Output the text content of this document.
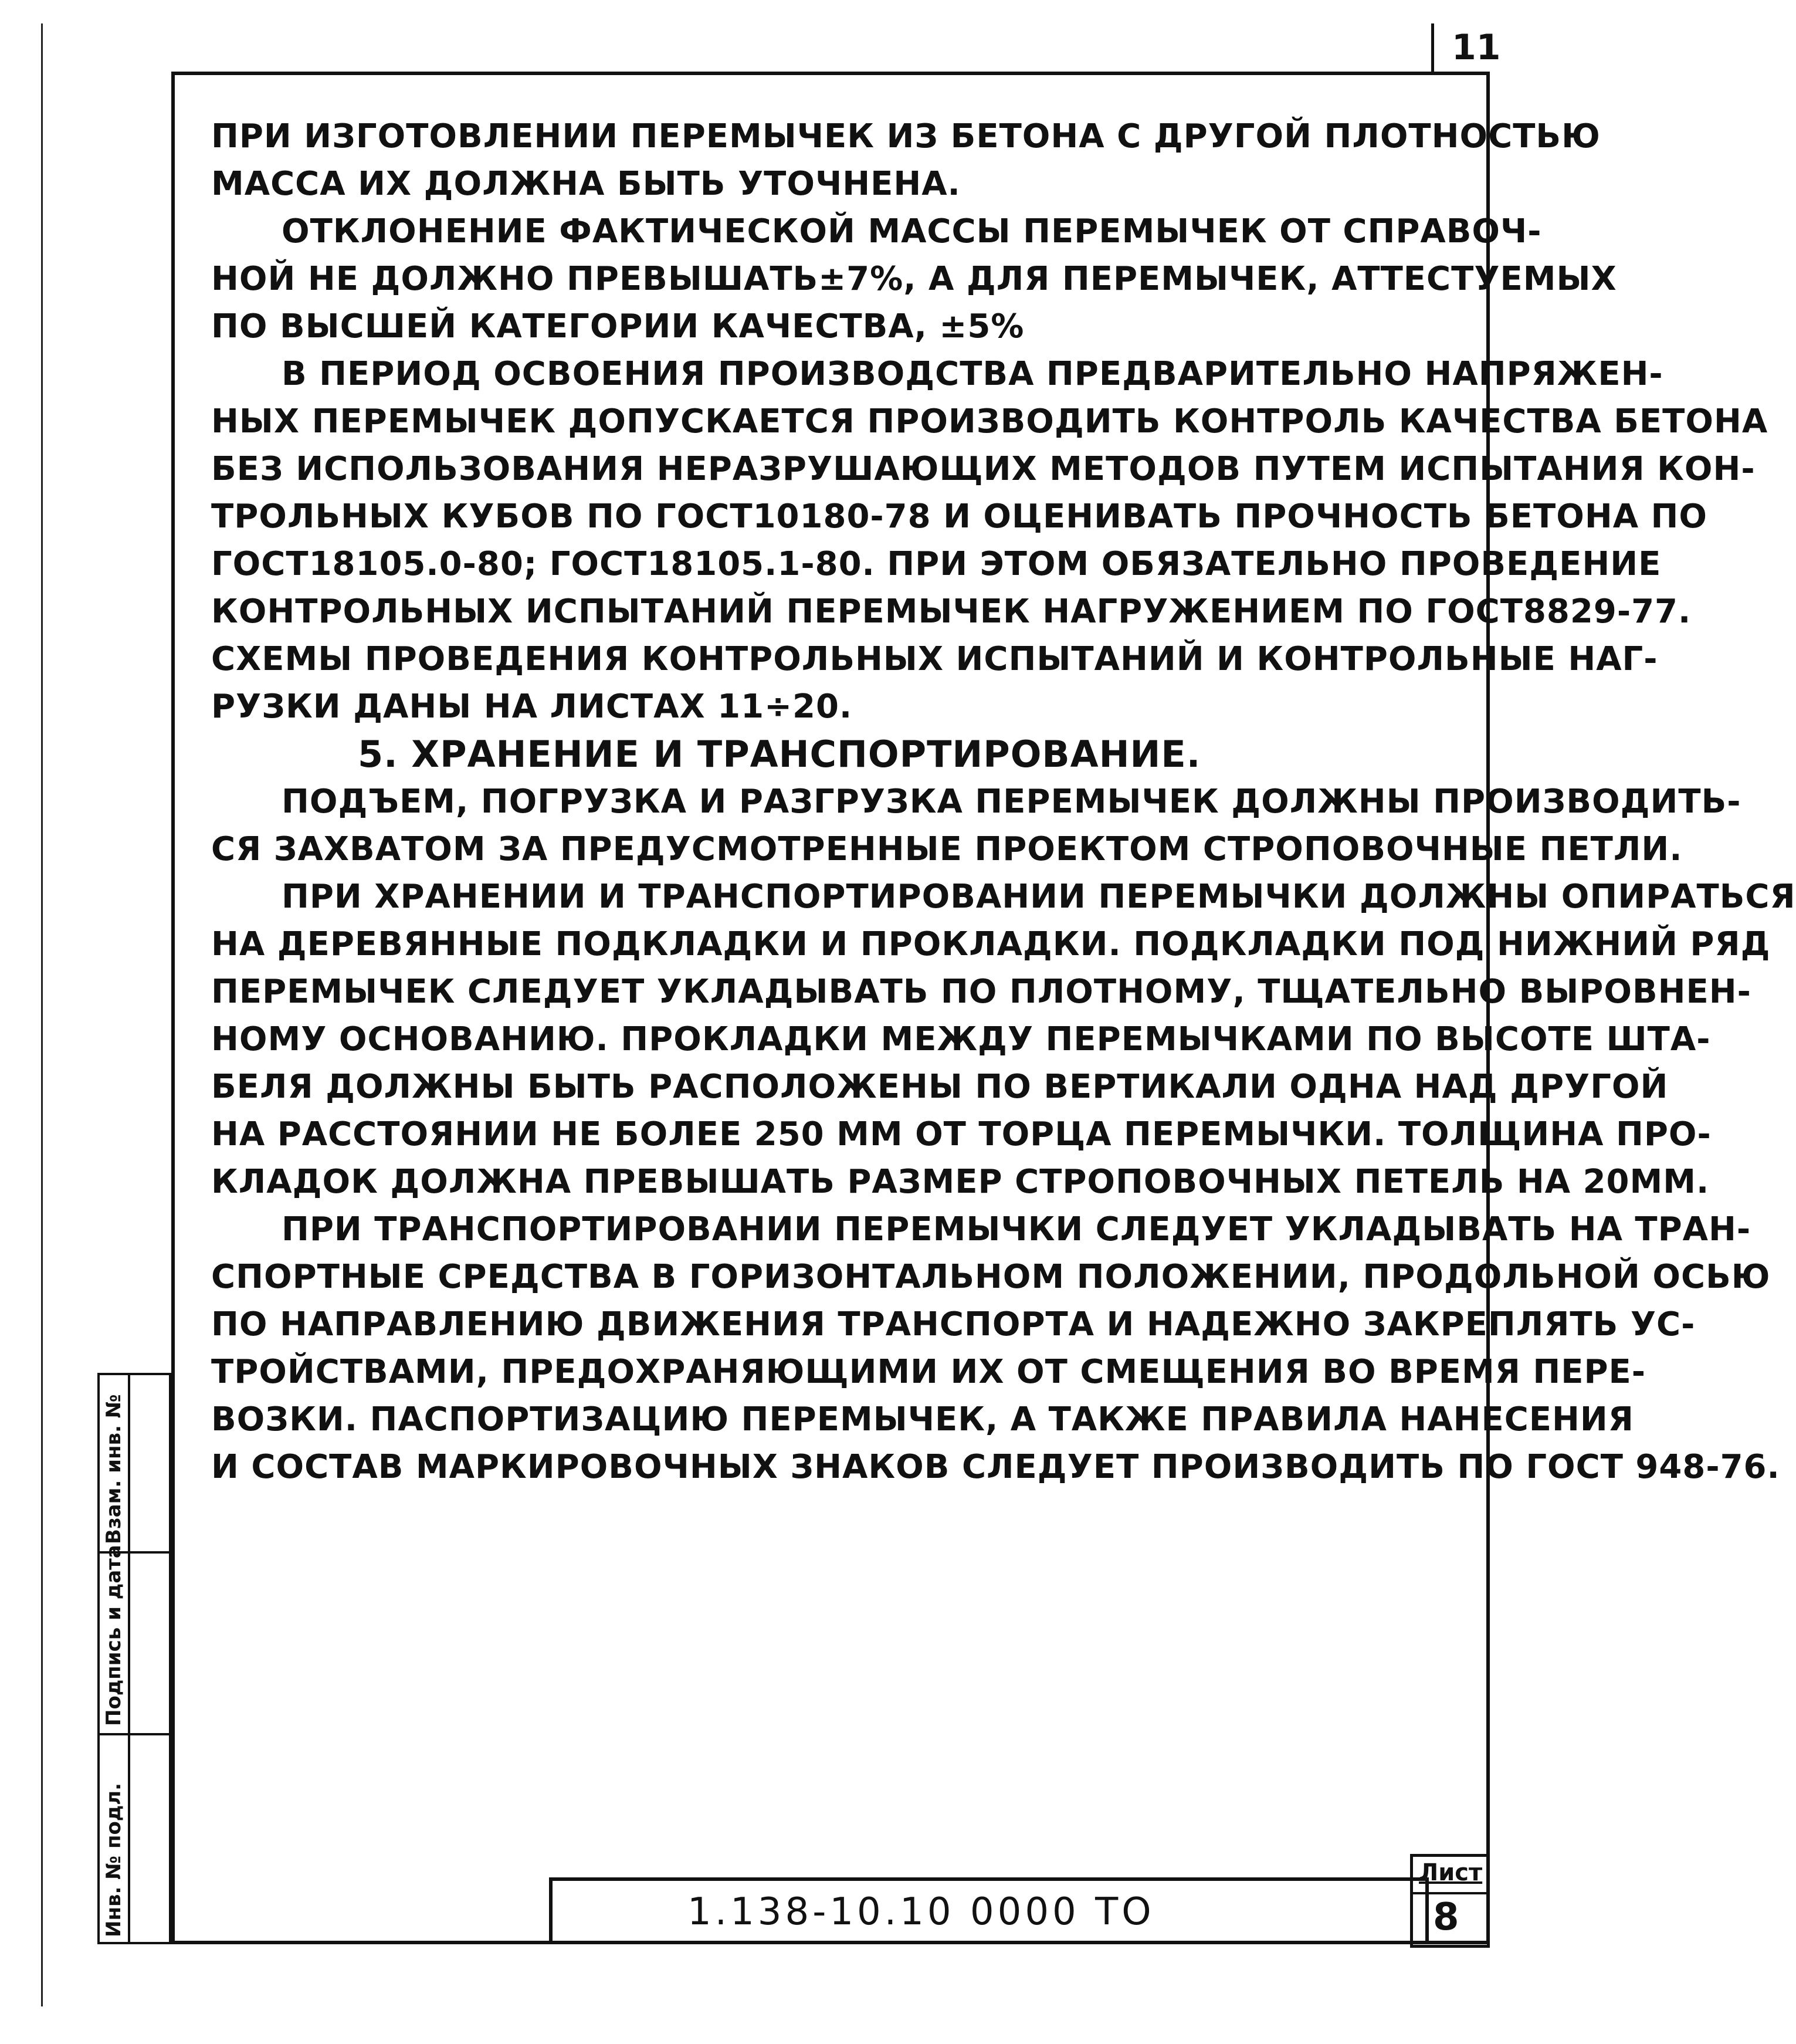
11
ПРИ ИЗГОТОВЛЕНИИ ПЕРЕМЫЧЕК ИЗ БЕТОНА С ДРУГОЙ ПЛОТНОСТЬЮ
МАССА ИХ ДОЛЖНА БЫТЬ УТОЧНЕНА.
ОТКЛОНЕНИЕ ФАКТИЧЕСКОЙ МАССЫ ПЕРЕМЫЧЕК ОТ СПРАВОЧ-
НОЙ НЕ ДОЛЖНО ПРЕВЫШАТЬ±7%, А ДЛЯ ПЕРЕМЫЧЕК, АТТЕСТУЕМЫХ
ПО ВЫСШЕЙ КАТЕГОРИИ КАЧЕСТВА, ±5%
В ПЕРИОД ОСВОЕНИЯ ПРОИЗВОДСТВА ПРЕДВАРИТЕЛЬНО НАПРЯЖЕН-
НЫХ ПЕРЕМЫЧЕК ДОПУСКАЕТСЯ ПРОИЗВОДИТЬ КОНТРОЛЬ КАЧЕСТВА БЕТОНА
БЕЗ ИСПОЛЬЗОВАНИЯ НЕРАЗРУШАЮЩИХ МЕТОДОВ ПУТЕМ ИСПЫТАНИЯ КОН-
ТРОЛЬНЫХ КУБОВ ПО ГОСТ10180-78 И ОЦЕНИВАТЬ ПРОЧНОСТЬ БЕТОНА ПО
ГОСТ18105.0-80; ГОСТ18105.1-80. ПРИ ЭТОМ ОБЯЗАТЕЛЬНО ПРОВЕДЕНИЕ
КОНТРОЛЬНЫХ ИСПЫТАНИЙ ПЕРЕМЫЧЕК НАГРУЖЕНИЕМ ПО ГОСТ8829-77.
СХЕМЫ ПРОВЕДЕНИЯ КОНТРОЛЬНЫХ ИСПЫТАНИЙ И КОНТРОЛЬНЫЕ НАГ-
РУЗКИ ДАНЫ НА ЛИСТАХ 11÷20.
5. ХРАНЕНИЕ И ТРАНСПОРТИРОВАНИЕ.
ПОДЪЕМ, ПОГРУЗКА И РАЗГРУЗКА ПЕРЕМЫЧЕК ДОЛЖНЫ ПРОИЗВОДИТЬ-
СЯ ЗАХВАТОМ ЗА ПРЕДУСМОТРЕННЫЕ ПРОЕКТОМ СТРОПОВОЧНЫЕ ПЕТЛИ.
ПРИ ХРАНЕНИИ И ТРАНСПОРТИРОВАНИИ ПЕРЕМЫЧКИ ДОЛЖНЫ ОПИРАТЬСЯ
НА ДЕРЕВЯННЫЕ ПОДКЛАДКИ И ПРОКЛАДКИ. ПОДКЛАДКИ ПОД НИЖНИЙ РЯД
ПЕРЕМЫЧЕК СЛЕДУЕТ УКЛАДЫВАТЬ ПО ПЛОТНОМУ, ТЩАТЕЛЬНО ВЫРОВНЕН-
НОМУ ОСНОВАНИЮ. ПРОКЛАДКИ МЕЖДУ ПЕРЕМЫЧКАМИ ПО ВЫСОТЕ ШТА-
БЕЛЯ ДОЛЖНЫ БЫТЬ РАСПОЛОЖЕНЫ ПО ВЕРТИКАЛИ ОДНА НАД ДРУГОЙ
НА РАССТОЯНИИ НЕ БОЛЕЕ 250 ММ ОТ ТОРЦА ПЕРЕМЫЧКИ. ТОЛЩИНА ПРО-
КЛАДОК ДОЛЖНА ПРЕВЫШАТЬ РАЗМЕР СТРОПОВОЧНЫХ ПЕТЕЛЬ НА 20ММ.
ПРИ ТРАНСПОРТИРОВАНИИ ПЕРЕМЫЧКИ СЛЕДУЕТ УКЛАДЫВАТЬ НА ТРАН-
СПОРТНЫЕ СРЕДСТВА В ГОРИЗОНТАЛЬНОМ ПОЛОЖЕНИИ, ПРОДОЛЬНОЙ ОСЬЮ
ПО НАПРАВЛЕНИЮ ДВИЖЕНИЯ ТРАНСПОРТА И НАДЕЖНО ЗАКРЕПЛЯТЬ УС-
ТРОЙСТВАМИ, ПРЕДОХРАНЯЮЩИМИ ИХ ОТ СМЕЩЕНИЯ ВО ВРЕМЯ ПЕРЕ-
ВОЗКИ. ПАСПОРТИЗАЦИЮ ПЕРЕМЫЧЕК, А ТАКЖЕ ПРАВИЛА НАНЕСЕНИЯ
И СОСТАВ МАРКИРОВОЧНЫХ ЗНАКОВ СЛЕДУЕТ ПРОИЗВОДИТЬ ПО ГОСТ 948-76.
Взам. инв. №
Подпись и дата
Инв. № подл.	1.138-10.10 0000 ТО
Лист
8
